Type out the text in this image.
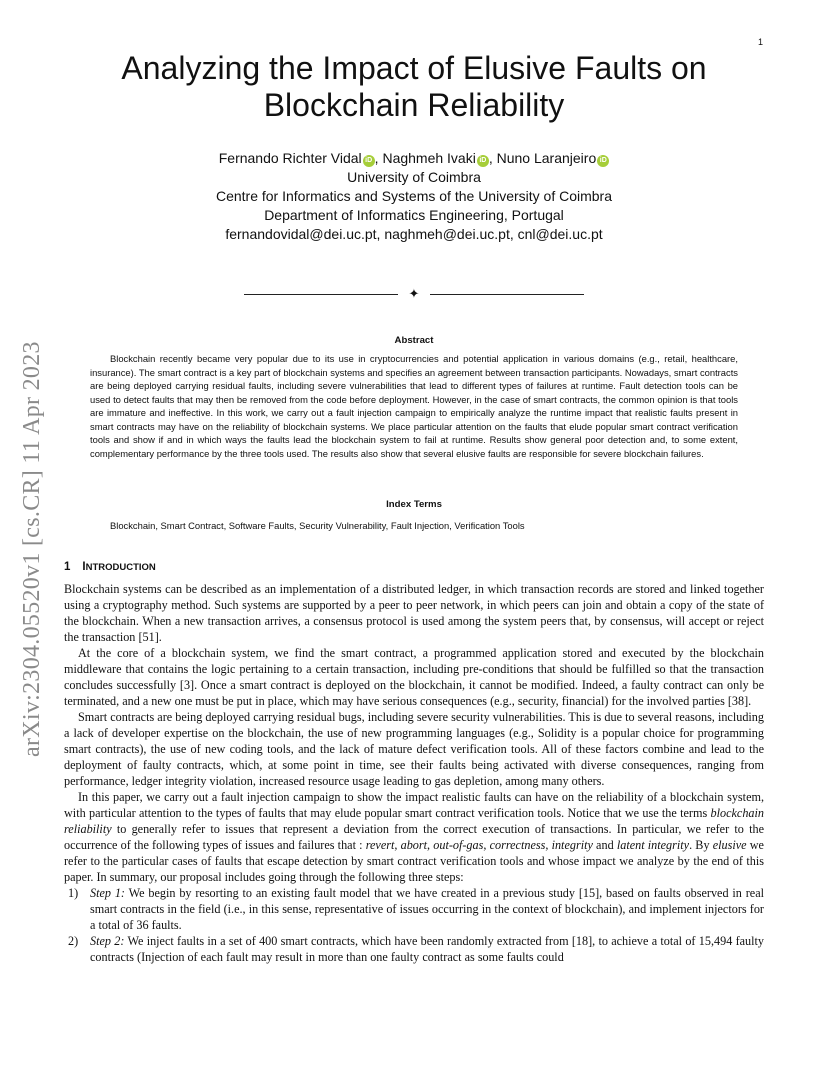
1
arXiv:2304.05520v1 [cs.CR] 11 Apr 2023
Analyzing the Impact of Elusive Faults on
Blockchain Reliability
Fernando Richter Vidal iD , Naghmeh Ivaki iD , Nuno Laranjeiro iD
University of Coimbra
Centre for Informatics and Systems of the University of Coimbra
Department of Informatics Engineering, Portugal
fernandovidal@dei.uc.pt, naghmeh@dei.uc.pt, cnl@dei.uc.pt
✦
Abstract

Blockchain recently became very popular due to its use in cryptocurrencies and potential application in various domains (e.g., retail, healthcare, insurance). The smart contract is a key part of blockchain systems and specifies an agreement between transaction participants. Nowadays, smart contracts are being deployed carrying residual faults, including severe vulnerabilities that lead to different types of failures at runtime. Fault detection tools can be used to detect faults that may then be removed from the code before deployment. However, in the case of smart contracts, the common opinion is that tools are immature and ineffective. In this work, we carry out a fault injection campaign to empirically analyze the runtime impact that realistic faults present in smart contracts may have on the reliability of blockchain systems. We place particular attention on the faults that elude popular smart contract verification tools and show if and in which ways the faults lead the blockchain system to fail at runtime. Results show general poor detection and, to some extent, complementary performance by the three tools used. The results also show that several elusive faults are responsible for severe blockchain failures.

Index Terms

Blockchain, Smart Contract, Software Faults, Security Vulnerability, Fault Injection, Verification Tools

1 INTRODUCTION

Blockchain systems can be described as an implementation of a distributed ledger, in which transaction records are stored and linked together using a cryptography method. Such systems are supported by a peer to peer network, in which peers can join and obtain a copy of the state of the blockchain. When a new transaction arrives, a consensus protocol is used among the system peers that, by consensus, will accept or reject the transaction [51].

At the core of a blockchain system, we find the smart contract, a programmed application stored and executed by the blockchain middleware that contains the logic pertaining to a certain transaction, including pre-conditions that should be fulfilled so that the transaction concludes successfully [3]. Once a smart contract is deployed on the blockchain, it cannot be modified. Indeed, a faulty contract can only be terminated, and a new one must be put in place, which may have serious consequences (e.g., security, financial) for the involved parties [38].

Smart contracts are being deployed carrying residual bugs, including severe security vulnerabilities. This is due to several reasons, including a lack of developer expertise on the blockchain, the use of new programming languages (e.g., Solidity is a popular choice for programming smart contracts), the use of new coding tools, and the lack of mature defect verification tools. All of these factors combine and lead to the deployment of faulty contracts, which, at some point in time, see their faults being activated with diverse consequences, ranging from performance, ledger integrity violation, increased resource usage leading to gas depletion, among many others.

In this paper, we carry out a fault injection campaign to show the impact realistic faults can have on the reliability of a blockchain system, with particular attention to the types of faults that may elude popular smart contract verification tools. Notice that we use the terms blockchain reliability to generally refer to issues that represent a deviation from the correct execution of transactions. In particular, we refer to the occurrence of the following types of issues and failures that : revert, abort, out-of-gas, correctness, integrity and latent integrity. By elusive we refer to the particular cases of faults that escape detection by smart contract verification tools and whose impact we analyze by the end of this paper. In summary, our proposal includes going through the following three steps:

1) Step 1: We begin by resorting to an existing fault model that we have created in a previous study [15], based on faults observed in real smart contracts in the field (i.e., in this sense, representative of issues occurring in the context of blockchain), and implement injectors for a total of 36 faults.
2) Step 2: We inject faults in a set of 400 smart contracts, which have been randomly extracted from [18], to achieve a total of 15,494 faulty contracts (Injection of each fault may result in more than one faulty contract as some faults could
